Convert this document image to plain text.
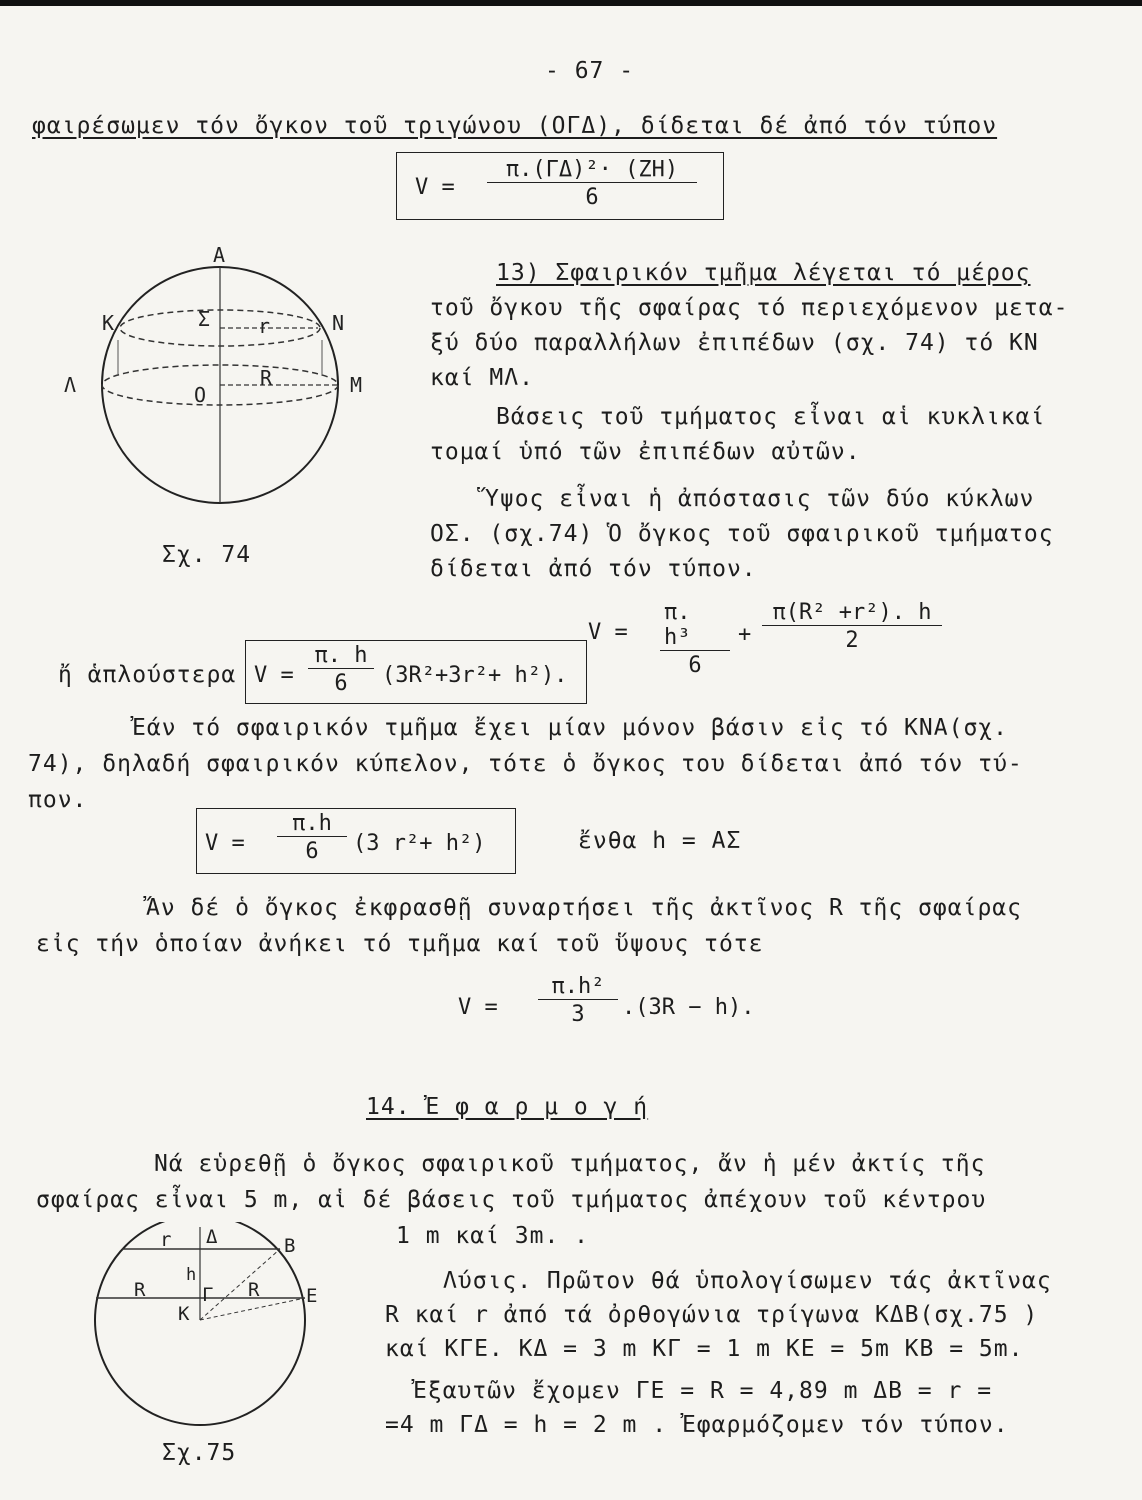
- 67 -
φαιρέσωμεν τόν ὄγκον τοῦ τριγώνου (ΟΓΔ), δίδεται δέ ἀπό τόν τύπον
V =
π.(ΓΔ)²· (ΖΗ)
6
A
K	N
Λ	M
Σ r
R
O
Σχ. 74
13) Σφαιρικόν τμῆμα λέγεται τό μέρος
τοῦ ὄγκου τῆς σφαίρας τό περιεχόμενον μετα-
ξύ δύο παραλλήλων ἐπιπέδων (σχ. 74) τό ΚΝ
καί ΜΛ.
Βάσεις τοῦ τμήματος εἶναι αἱ κυκλικαί
τομαί ὑπό τῶν ἐπιπέδων αὐτῶν.
Ὕψος εἶναι ἡ ἀπόστασις τῶν δύο κύκλων
ΟΣ. (σχ.74) Ὁ ὄγκος τοῦ σφαιρικοῦ τμήματος
δίδεται ἀπό τόν τύπον.
V =
π. h³
6
+
π(R² +r²). h
2
ἤ ἁπλούστερα V =
π. h
6 (3R²+3r²+ h²).
Ἐάν τό σφαιρικόν τμῆμα ἔχει μίαν μόνον βάσιν εἰς τό ΚΝΑ(σχ.
74), δηλαδή σφαιρικόν κύπελον, τότε ὁ ὄγκος του δίδεται ἀπό τόν τύ-
πον.
V =
π.h
6 (3 r²+ h²)	ἔνθα h = ΑΣ
Ἄν δέ ὁ ὄγκος ἐκφρασθῇ συναρτήσει τῆς ἀκτῖνος R τῆς σφαίρας
εἰς τήν ὁποίαν ἀνήκει τό τμῆμα καί τοῦ ὕψους τότε
V =
π.h²
3 .(3R − h).
14. Ἐ φ α ρ μ ο γ ή
Νά εὑρεθῇ ὁ ὄγκος σφαιρικοῦ τμήματος, ἄν ἡ μέν ἀκτίς τῆς
σφαίρας εἶναι 5 m, αἱ δέ βάσεις τοῦ τμήματος ἀπέχουν τοῦ κέντρου
1 m καί 3m. .
r Δ	B
h
R	Γ R E
K
Σχ.75
Λύσις. Πρῶτον θά ὑπολογίσωμεν τάς ἀκτῖνας
R καί r ἀπό τά ὀρθογώνια τρίγωνα ΚΔΒ(σχ.75 )
καί ΚΓΕ. ΚΔ = 3 m ΚΓ = 1 m ΚΕ = 5m ΚΒ = 5m.
Ἐξαυτῶν ἔχομεν ΓΕ = R = 4,89 m ΔΒ = r =
=4 m ΓΔ = h = 2 m . Ἐφαρμόζομεν τόν τύπον.
